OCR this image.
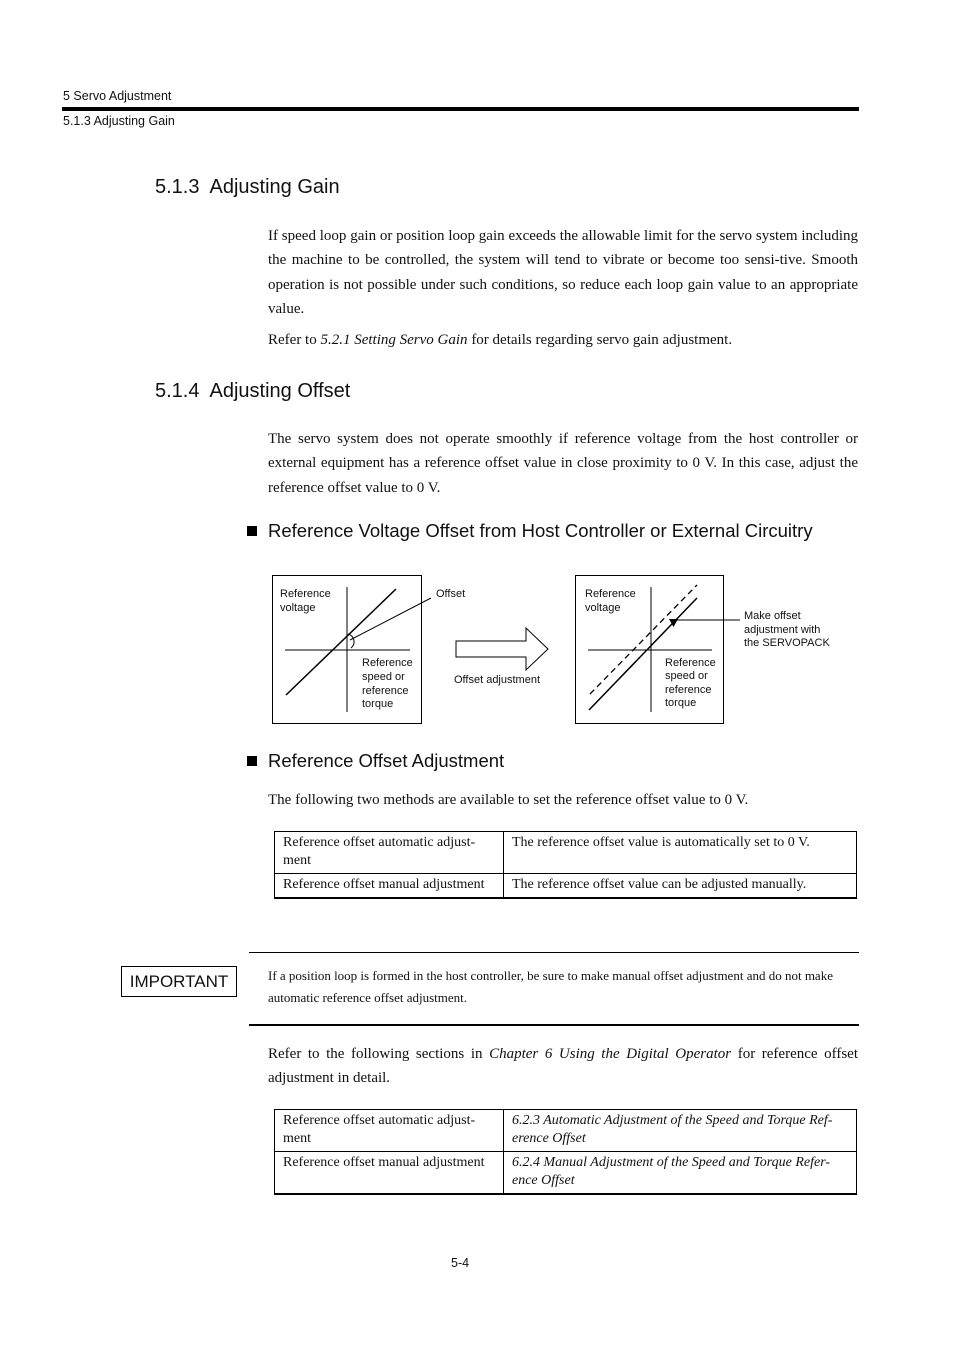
5 Servo Adjustment
5.1.3 Adjusting Gain
5.1.3 Adjusting Gain
If speed loop gain or position loop gain exceeds the allowable limit for the servo system including the machine to be controlled, the system will tend to vibrate or become too sensi-tive. Smooth operation is not possible under such conditions, so reduce each loop gain value to an appropriate value.
Refer to 5.2.1 Setting Servo Gain for details regarding servo gain adjustment.
5.1.4 Adjusting Offset
The servo system does not operate smoothly if reference voltage from the host controller or external equipment has a reference offset value in close proximity to 0 V. In this case, adjust the reference offset value to 0 V.
Reference Voltage Offset from Host Controller or External Circuitry
Reference
voltage
Reference
speed or
reference
torque
Offset
Offset adjustment
Reference
voltage
Reference
speed or
reference
torque
Make offset
adjustment with
the SERVOPACK
Reference Offset Adjustment
The following two methods are available to set the reference offset value to 0 V.
Reference offset automatic adjust-ment	The reference offset value is automatically set to 0 V.
Reference offset manual adjustment	The reference offset value can be adjusted manually.
IMPORTANT	If a position loop is formed in the host controller, be sure to make manual offset adjustment and do not make automatic reference offset adjustment.
Refer to the following sections in Chapter 6 Using the Digital Operator for reference offset adjustment in detail.
Reference offset automatic adjust-ment	6.2.3 Automatic Adjustment of the Speed and Torque Ref-erence Offset
Reference offset manual adjustment	6.2.4 Manual Adjustment of the Speed and Torque Refer-ence Offset
5-4
